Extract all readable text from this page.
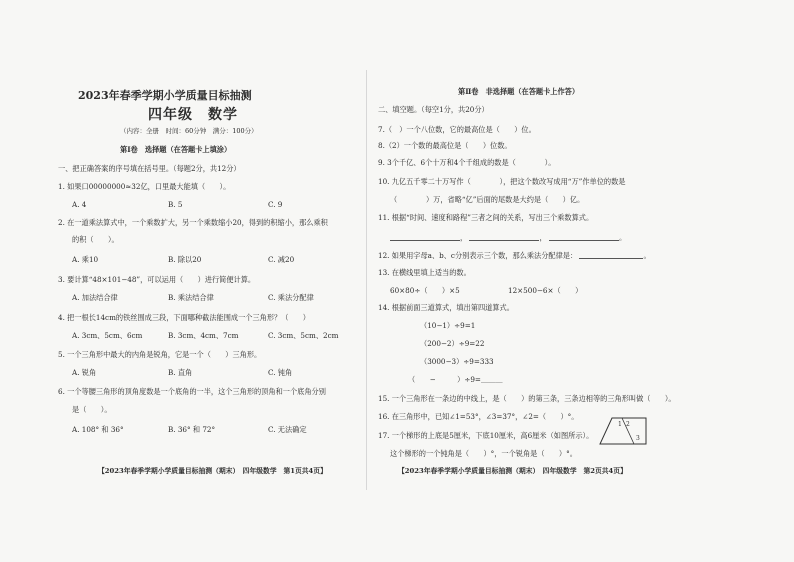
2023年春季学期小学质量目标抽测
四年级　数学
（内容：全册　时间：60分钟　满分：100分）
第Ⅰ卷　选择题（在答题卡上填涂）
一、把正确答案的序号填在括号里。（每题2分，共12分）
1. 如果口00000000≈32亿，口里最大能填（　　）。
A. 4	B. 5	C. 9
2. 在一道乘法算式中，一个乘数扩大，另一个乘数缩小20，得到的积缩小，那么乘积
的积（　　）。
A. 乘10	B. 除以20	C. 减20
3. 要计算“48×101−48”，可以运用（　　）进行简便计算。
A. 加法结合律	B. 乘法结合律	C. 乘法分配律
4. 把一根长14cm的铁丝围成三段，下面哪种截法能围成一个三角形？（　　）
A. 3cm、5cm、6cm	B. 3cm、4cm、7cm	C. 3cm、5cm、2cm
5. 一个三角形中最大的内角是锐角，它是一个（　　）三角形。
A. 锐角	B. 直角	C. 钝角
6. 一个等腰三角形的顶角度数是一个底角的一半，这个三角形的顶角和一个底角分别
是（　　）。
A. 108° 和 36°	B. 36° 和 72°	C. 无法确定
【2023年春季学期小学质量目标抽测（期末）　四年级数学　第1页共4页】
第Ⅱ卷　非选择题（在答题卡上作答）
二、填空题。（每空1分，共20分）
7.（　）一个八位数，它的最高位是（　　）位。
8.（2）一个数的最高位是（　　）位数。
9. 3个千亿、6个十万和4个千组成的数是（　　　　）。
10. 九亿五千零二十万写作（　　　　），把这个数改写成用“万”作单位的数是
（　　　　）万，省略“亿”后面的尾数是大约是（　　）亿。
11. 根据“时间、速度和路程”三者之间的关系，写出三个乘数算式。
，	，	。
12. 如果用字母a、b、c分别表示三个数，那么乘法分配律是：	。
13. 在横线里填上适当的数。
60×80÷（　　）×5	12×500−6×（　　）
14. 根据前面三道算式，填出第四道算式。
（10−1）÷9=1
（200−2）÷9=22
（3000−3）÷9=333
（　　−　　　）÷9=＿＿＿
15. 一个三角形在一条边的中线上，是（　　）的第三条，三条边相等的三角形叫做（　　）。
16. 在三角形中，已知∠1=53°，∠3=37°，∠2=（　　）°。
17. 一个梯形的上底是5厘米，下底10厘米，高6厘米（如图所示）。
这个梯形的一个钝角是（　　）°，一个锐角是（　　）°。
1 2
3
【2023年春季学期小学质量目标抽测（期末）　四年级数学　第2页共4页】
